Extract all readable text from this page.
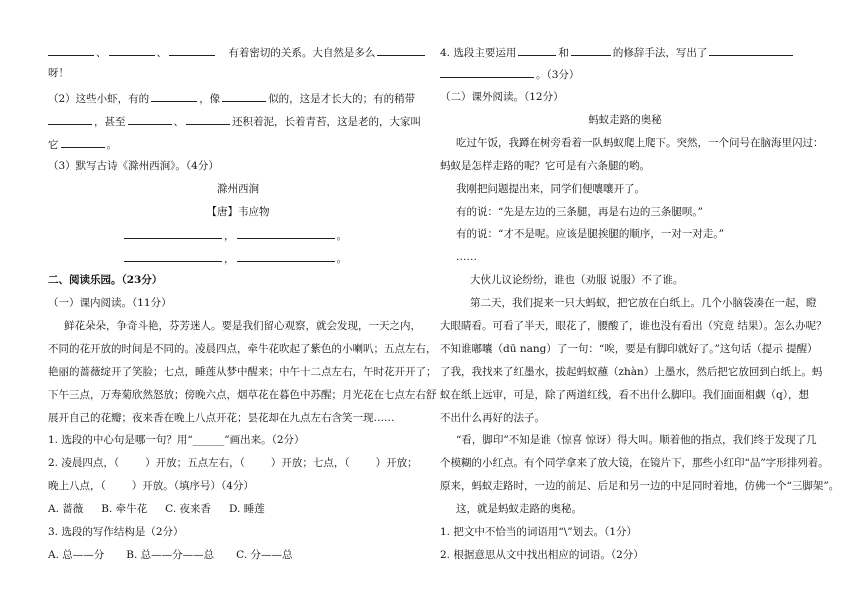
、	、	有着密切的关系。大自然是多么
呀！
（2）这些小虾，有的	，像	似的，这是才长大的；有的稍带
，甚至	、	还积着泥，长着青苔，这是老的，大家叫
它	。
（3）默写古诗《滁州西涧》。（4分）
滁州西涧
【唐】韦应物
，	。
，	。
二、阅读乐园。（23分）
（一）课内阅读。（11分）
鲜花朵朵，争奇斗艳，芬芳迷人。要是我们留心观察，就会发现，一天之内，
不同的花开放的时间是不同的。凌晨四点，牵牛花吹起了紫色的小喇叭；五点左右，
艳丽的蔷薇绽开了笑脸；七点，睡莲从梦中醒来；中午十二点左右，午时花开开了；
下午三点，万寿菊欣然怒放；傍晚六点，烟草花在暮色中苏醒；月光花在七点左右舒
展开自己的花瓣；夜来香在晚上八点开花；昙花却在九点左右含笑一现……
1. 选段的中心句是哪一句？用“______”画出来。（2分）
2. 凌晨四点，（ ）开放；五点左右，（ ）开放；七点，（ ）开放；
晚上八点，（ ）开放。（填序号）（4分）
A. 蔷薇 B. 牵牛花 C. 夜来香 D. 睡莲
3. 选段的写作结构是（2分）
A. 总——分 B. 总——分——总 C. 分——总
4. 选段主要运用	和	的修辞手法，写出了
。（3分）
（二）课外阅读。（12分）
蚂蚁走路的奥秘
吃过午饭，我蹲在树旁看着一队蚂蚁爬上爬下。突然，一个问号在脑海里闪过：
蚂蚁是怎样走路的呢？它可是有六条腿的哟。
我刚把问题提出来，同学们便嚷嚷开了。
有的说：“先是左边的三条腿，再是右边的三条腿呗。”
有的说：“才不是呢。应该是腿挨腿的顺序，一对一对走。”
……
大伙儿议论纷纷，谁也（劝服 说服）不了谁。
第二天，我们捉来一只大蚂蚁，把它放在白纸上。几个小脑袋凑在一起，瞪
大眼睛看。可看了半天，眼花了，腰酸了，谁也没有看出（究竟 结果）。怎么办呢？
不知谁嘟囔（dū nang）了一句：“唉，要是有脚印就好了。”这句话（提示 提醒）
了我，我找来了红墨水，拔起蚂蚁蘸（zhàn）上墨水，然后把它放回到白纸上。蚂
蚁在纸上远审，可是，除了两道红线，看不出什么脚印。我们面面相觑（q），想
不出什么再好的法子。
“看，脚印”不知是谁（惊喜 惊讶）得大叫。顺着他的指点，我们终于发现了几
个模糊的小红点。有个同学拿来了放大镜，在镜片下，那些小红印“品”字形排列着。
原来，蚂蚁走路时，一边的前足、后足和另一边的中足同时着地，仿佛一个“三脚架”。
这，就是蚂蚁走路的奥秘。
1. 把文中不恰当的词语用“\”划去。（1分）
2. 根据意思从文中找出相应的词语。（2分）
